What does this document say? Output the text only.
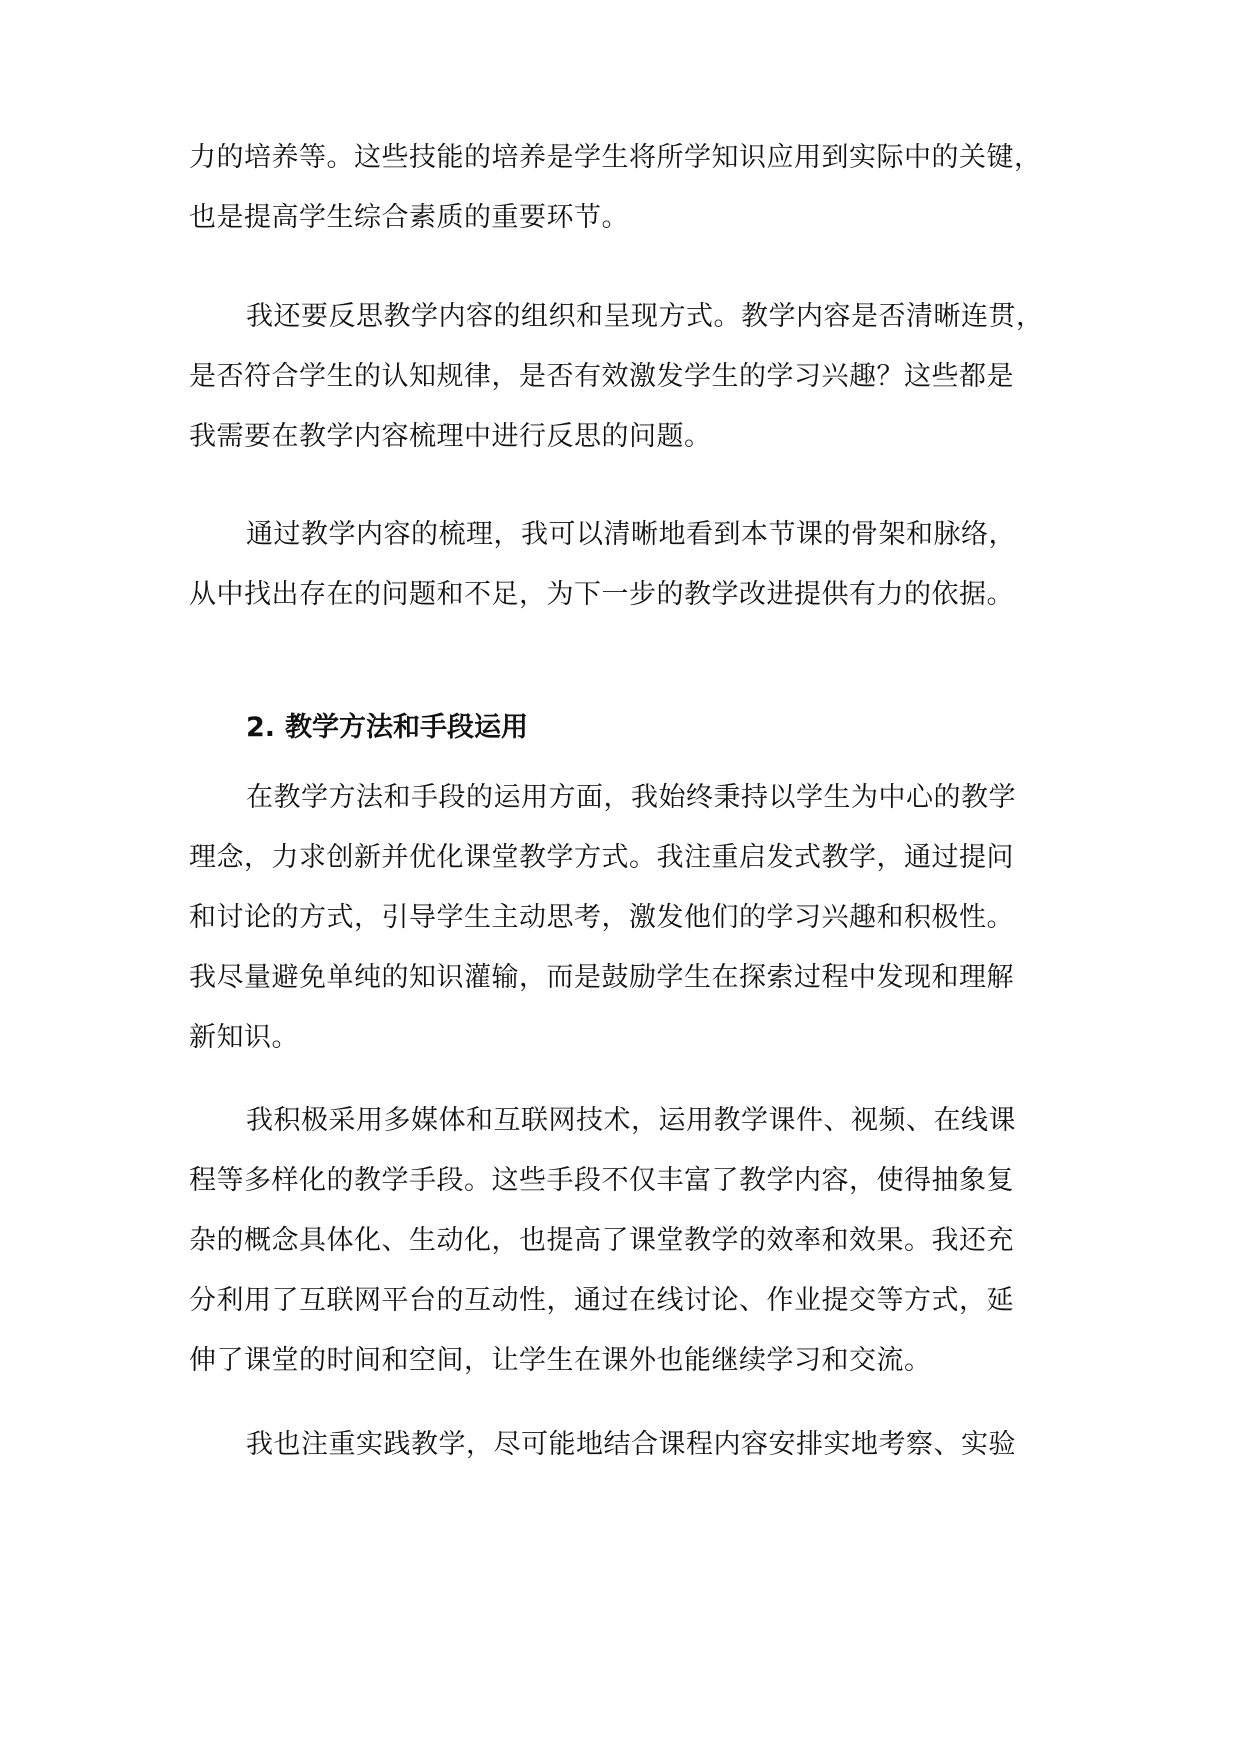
力的培养等。这些技能的培养是学生将所学知识应用到实际中的关键，
也是提高学生综合素质的重要环节。
我还要反思教学内容的组织和呈现方式。教学内容是否清晰连贯，
是否符合学生的认知规律，是否有效激发学生的学习兴趣？这些都是
我需要在教学内容梳理中进行反思的问题。
通过教学内容的梳理，我可以清晰地看到本节课的骨架和脉络，
从中找出存在的问题和不足，为下一步的教学改进提供有力的依据。
2. 教学方法和手段运用
在教学方法和手段的运用方面，我始终秉持以学生为中心的教学
理念，力求创新并优化课堂教学方式。我注重启发式教学，通过提问
和讨论的方式，引导学生主动思考，激发他们的学习兴趣和积极性。
我尽量避免单纯的知识灌输，而是鼓励学生在探索过程中发现和理解
新知识。
我积极采用多媒体和互联网技术，运用教学课件、视频、在线课
程等多样化的教学手段。这些手段不仅丰富了教学内容，使得抽象复
杂的概念具体化、生动化，也提高了课堂教学的效率和效果。我还充
分利用了互联网平台的互动性，通过在线讨论、作业提交等方式，延
伸了课堂的时间和空间，让学生在课外也能继续学习和交流。
我也注重实践教学，尽可能地结合课程内容安排实地考察、实验
